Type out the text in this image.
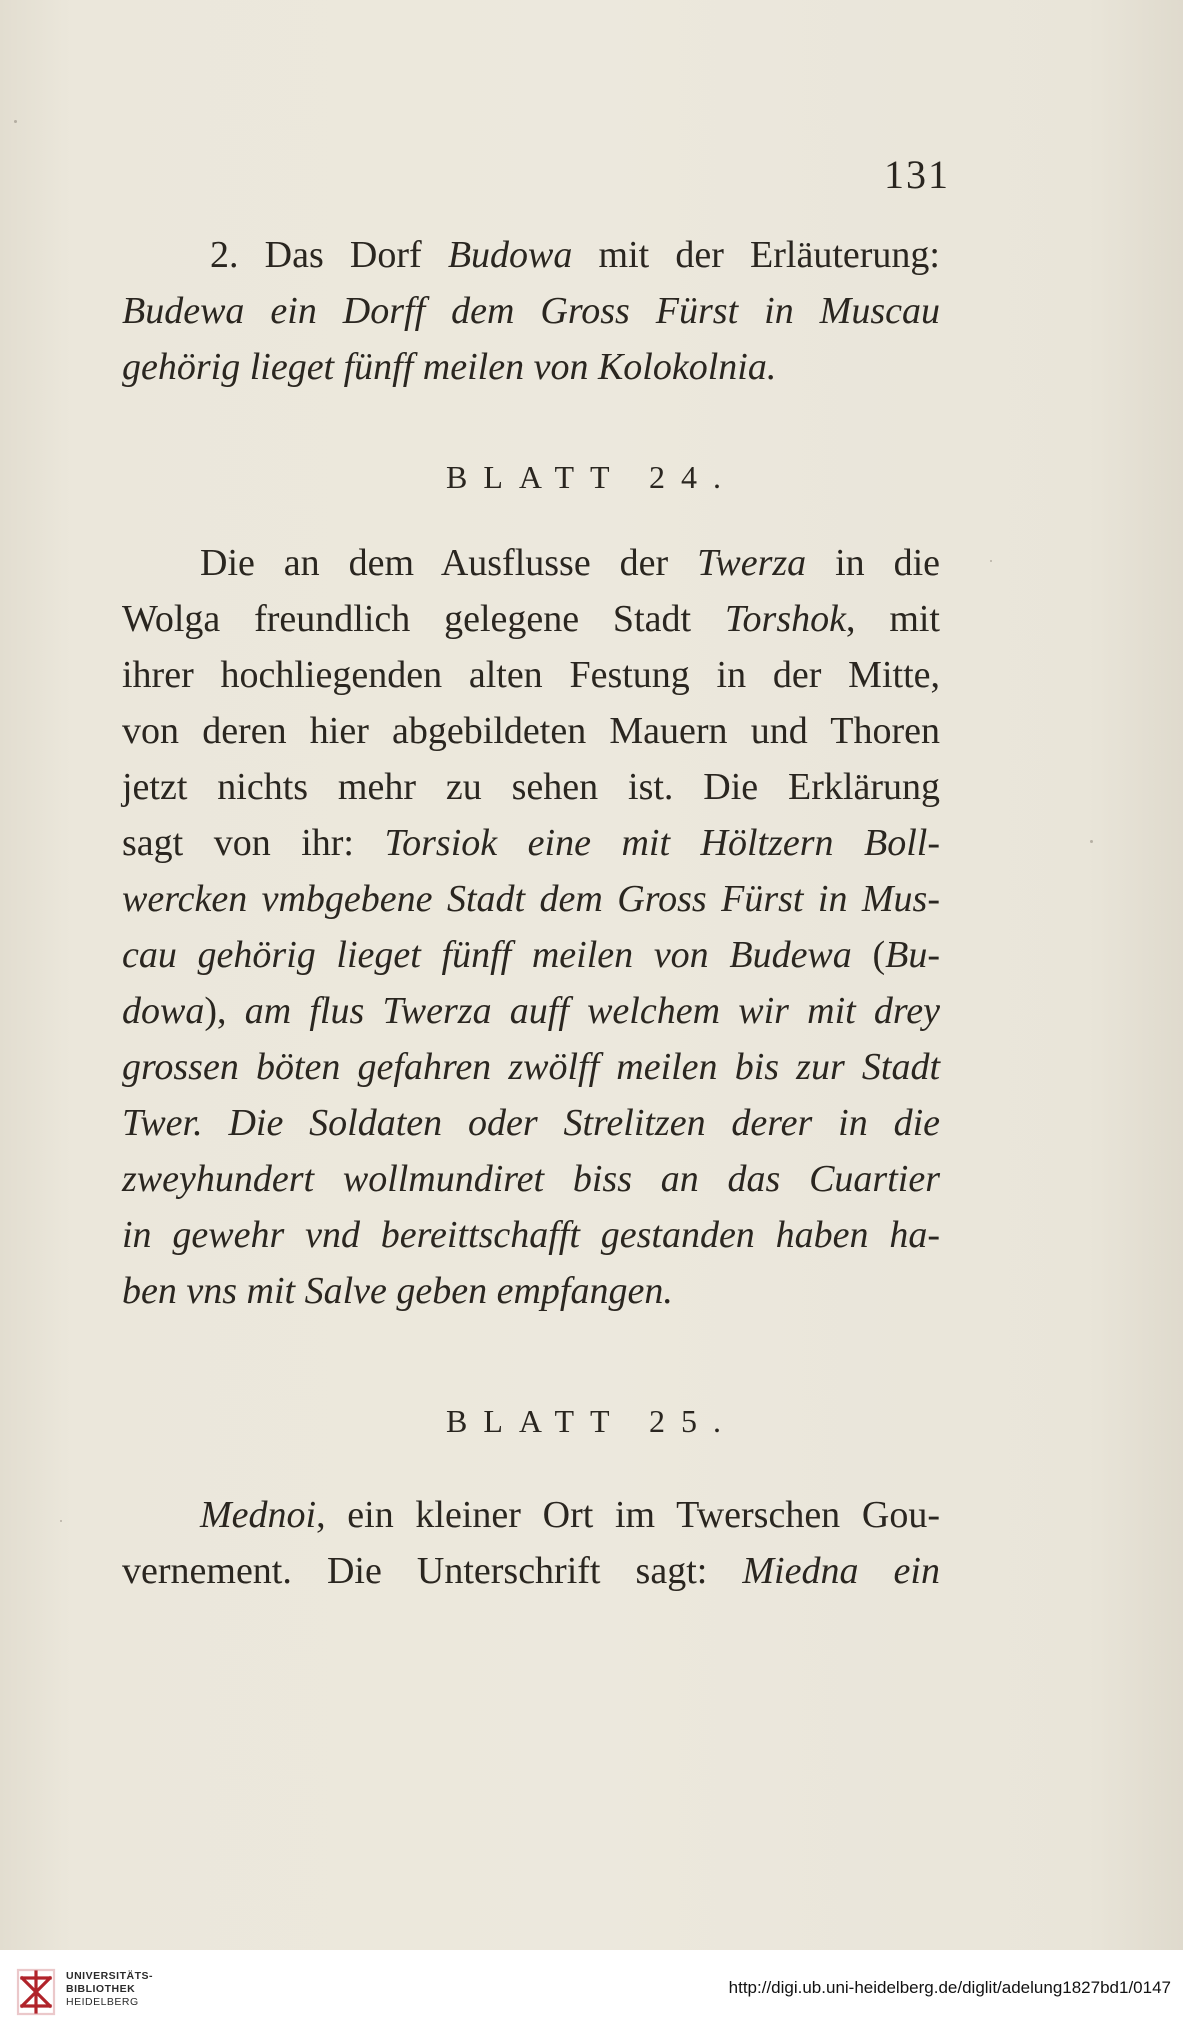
131
2. Das Dorf Budowa mit der Erläuterung:
Budewa ein Dorff dem Gross Fürst in Muscau
gehörig lieget fünff meilen von Kolokolnia.
BLATT 24.
Die an dem Ausflusse der Twerza in die
Wolga freundlich gelegene Stadt Torshok, mit
ihrer hochliegenden alten Festung in der Mitte,
von deren hier abgebildeten Mauern und Thoren
jetzt nichts mehr zu sehen ist. Die Erklärung
sagt von ihr: Torsiok eine mit Höltzern Boll-
wercken vmbgebene Stadt dem Gross Fürst in Mus-
cau gehörig lieget fünff meilen von Budewa (Bu-
dowa), am flus Twerza auff welchem wir mit drey
grossen böten gefahren zwölff meilen bis zur Stadt
Twer. Die Soldaten oder Strelitzen derer in die
zweyhundert wollmundiret biss an das Cuartier
in gewehr vnd bereittschafft gestanden haben ha-
ben vns mit Salve geben empfangen.
BLATT 25.
Mednoi, ein kleiner Ort im Twerschen Gou-
vernement. Die Unterschrift sagt: Miedna ein
UNIVERSITÄTS-
BIBLIOTHEK
HEIDELBERG
http://digi.ub.uni-heidelberg.de/diglit/adelung1827bd1/0147
